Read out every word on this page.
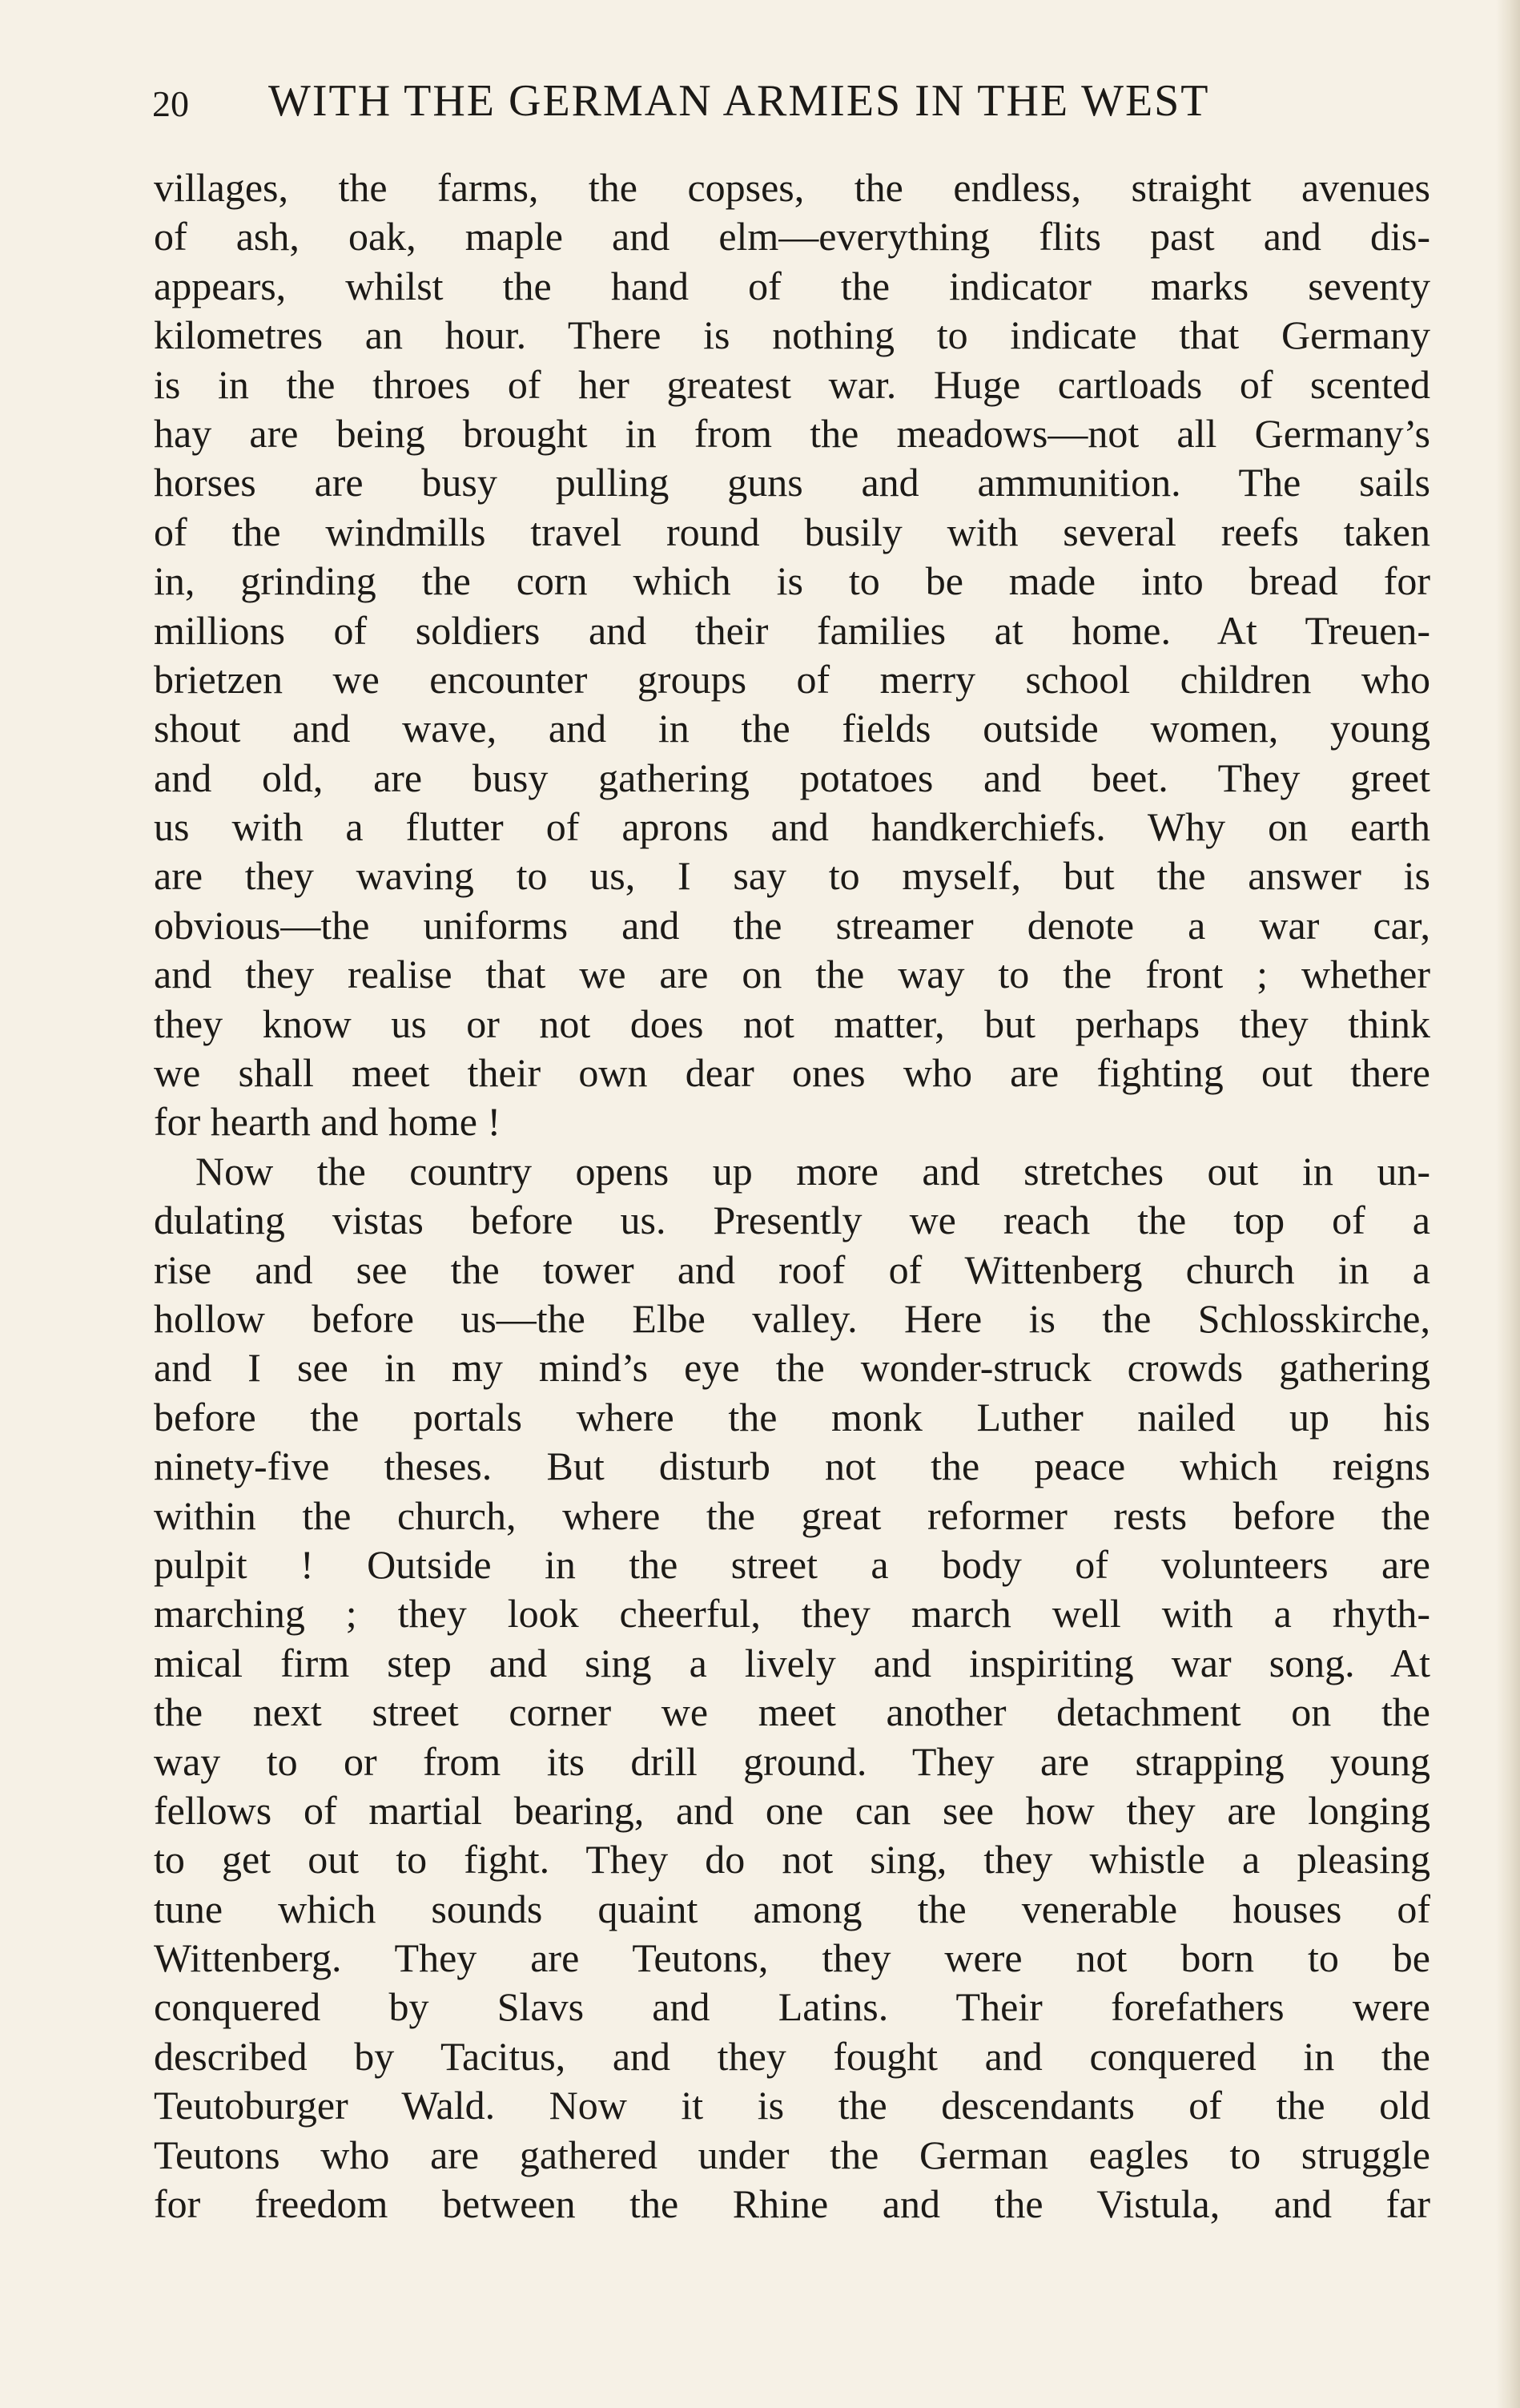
20 WITH THE GERMAN ARMIES IN THE WEST
villages, the farms, the copses, the endless, straight avenues
of ash, oak, maple and elm—everything flits past and dis-
appears, whilst the hand of the indicator marks seventy
kilometres an hour. There is nothing to indicate that Germany
is in the throes of her greatest war. Huge cartloads of scented
hay are being brought in from the meadows—not all Germany’s
horses are busy pulling guns and ammunition. The sails
of the windmills travel round busily with several reefs taken
in, grinding the corn which is to be made into bread for
millions of soldiers and their families at home. At Treuen-
brietzen we encounter groups of merry school children who
shout and wave, and in the fields outside women, young
and old, are busy gathering potatoes and beet. They greet
us with a flutter of aprons and handkerchiefs. Why on earth
are they waving to us, I say to myself, but the answer is
obvious—the uniforms and the streamer denote a war car,
and they realise that we are on the way to the front ; whether
they know us or not does not matter, but perhaps they think
we shall meet their own dear ones who are fighting out there
for hearth and home !
Now the country opens up more and stretches out in un-
dulating vistas before us. Presently we reach the top of a
rise and see the tower and roof of Wittenberg church in a
hollow before us—the Elbe valley. Here is the Schlosskirche,
and I see in my mind’s eye the wonder-struck crowds gathering
before the portals where the monk Luther nailed up his
ninety-five theses. But disturb not the peace which reigns
within the church, where the great reformer rests before the
pulpit ! Outside in the street a body of volunteers are
marching ; they look cheerful, they march well with a rhyth-
mical firm step and sing a lively and inspiriting war song. At
the next street corner we meet another detachment on the
way to or from its drill ground. They are strapping young
fellows of martial bearing, and one can see how they are longing
to get out to fight. They do not sing, they whistle a pleasing
tune which sounds quaint among the venerable houses of
Wittenberg. They are Teutons, they were not born to be
conquered by Slavs and Latins. Their forefathers were
described by Tacitus, and they fought and conquered in the
Teutoburger Wald. Now it is the descendants of the old
Teutons who are gathered under the German eagles to struggle
for freedom between the Rhine and the Vistula, and far
